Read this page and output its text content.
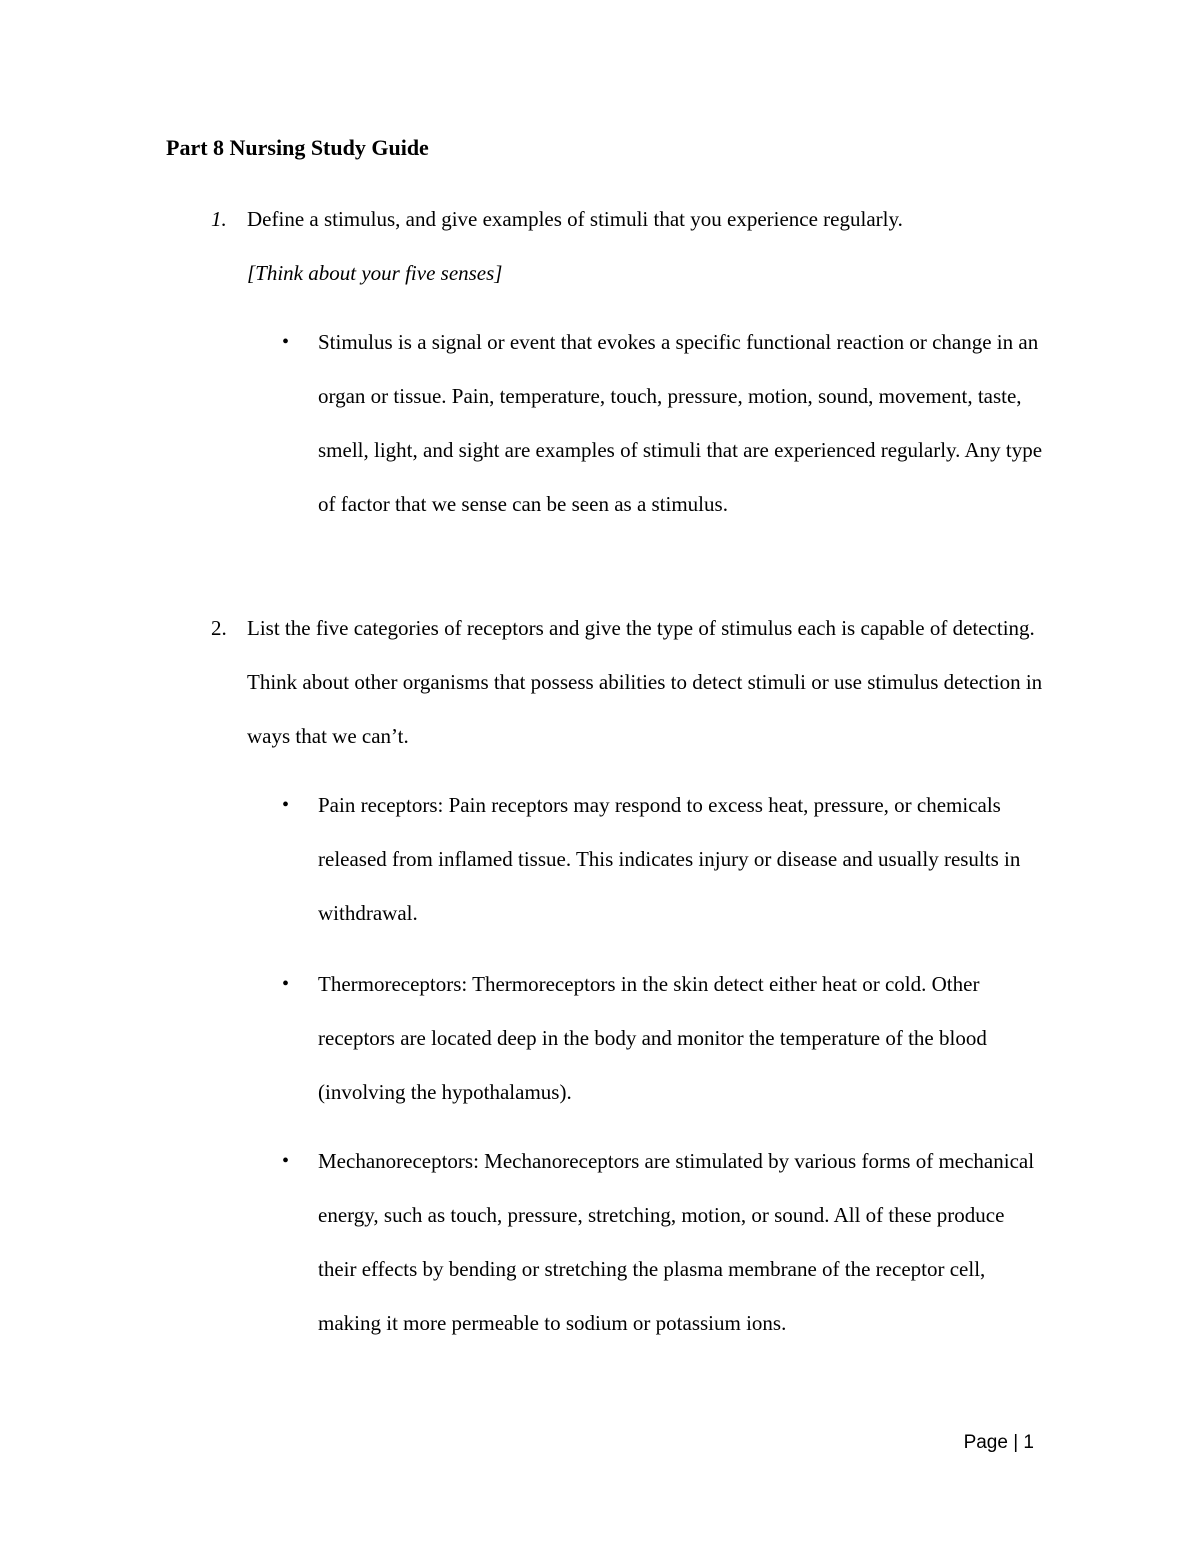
Part 8 Nursing Study Guide
1. Define a stimulus, and give examples of stimuli that you experience regularly.
[Think about your five senses]
• Stimulus is a signal or event that evokes a specific functional reaction or change in an organ or tissue. Pain, temperature, touch, pressure, motion, sound, movement, taste, smell, light, and sight are examples of stimuli that are experienced regularly. Any type of factor that we sense can be seen as a stimulus.
2. List the five categories of receptors and give the type of stimulus each is capable of detecting. Think about other organisms that possess abilities to detect stimuli or use stimulus detection in ways that we can’t.
• Pain receptors: Pain receptors may respond to excess heat, pressure, or chemicals released from inflamed tissue. This indicates injury or disease and usually results in withdrawal.
• Thermoreceptors: Thermoreceptors in the skin detect either heat or cold. Other receptors are located deep in the body and monitor the temperature of the blood (involving the hypothalamus).
• Mechanoreceptors: Mechanoreceptors are stimulated by various forms of mechanical energy, such as touch, pressure, stretching, motion, or sound. All of these produce their effects by bending or stretching the plasma membrane of the receptor cell, making it more permeable to sodium or potassium ions.
Page | 1
